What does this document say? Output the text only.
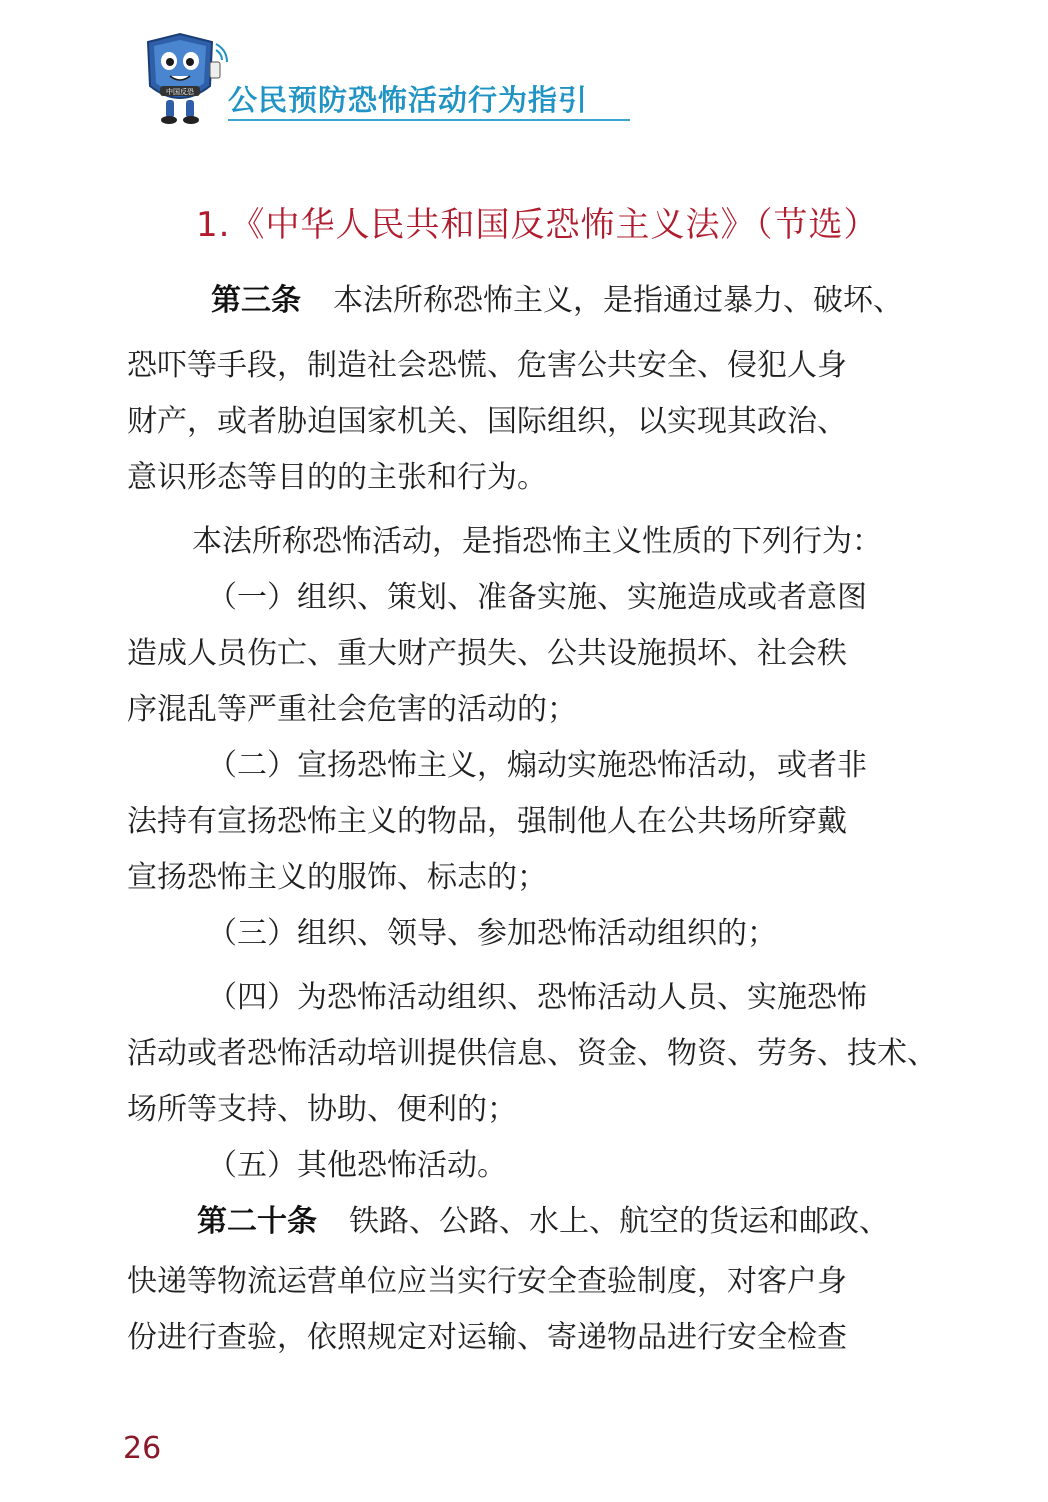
中国反恐 公民预防恐怖活动行为指引
1.《中华人民共和国反恐怖主义法》（节选）
第三条 本法所称恐怖主义，是指通过暴力、破坏、
恐吓等手段，制造社会恐慌、危害公共安全、侵犯人身
财产，或者胁迫国家机关、国际组织，以实现其政治、
意识形态等目的的主张和行为。
本法所称恐怖活动，是指恐怖主义性质的下列行为：
（一）组织、策划、准备实施、实施造成或者意图
造成人员伤亡、重大财产损失、公共设施损坏、社会秩
序混乱等严重社会危害的活动的；
（二）宣扬恐怖主义，煽动实施恐怖活动，或者非
法持有宣扬恐怖主义的物品，强制他人在公共场所穿戴
宣扬恐怖主义的服饰、标志的；
（三）组织、领导、参加恐怖活动组织的；
（四）为恐怖活动组织、恐怖活动人员、实施恐怖
活动或者恐怖活动培训提供信息、资金、物资、劳务、技术、
场所等支持、协助、便利的；
（五）其他恐怖活动。
第二十条 铁路、公路、水上、航空的货运和邮政、
快递等物流运营单位应当实行安全查验制度，对客户身
份进行查验，依照规定对运输、寄递物品进行安全检查
26
